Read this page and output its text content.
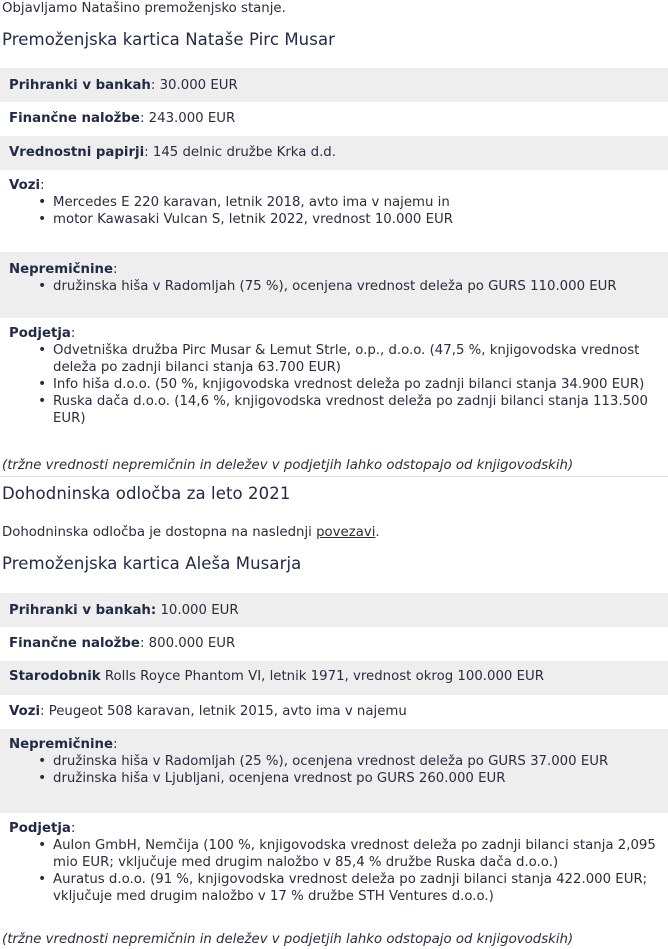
Objavljamo Natašino premoženjsko stanje.
Premoženjska kartica Nataše Pirc Musar
Prihranki v bankah: 30.000 EUR
Finančne naložbe: 243.000 EUR
Vrednostni papirji: 145 delnic družbe Krka d.d.
Vozi:
• Mercedes E 220 karavan, letnik 2018, avto ima v najemu in
• motor Kawasaki Vulcan S, letnik 2022, vrednost 10.000 EUR
Nepremičnine:
• družinska hiša v Radomljah (75 %), ocenjena vrednost deleža po GURS 110.000 EUR
Podjetja:
• Odvetniška družba Pirc Musar & Lemut Strle, o.p., d.o.o. (47,5 %, knjigovodska vrednost deleža po zadnji bilanci stanja 63.700 EUR)
• Info hiša d.o.o. (50 %, knjigovodska vrednost deleža po zadnji bilanci stanja 34.900 EUR)
• Ruska dača d.o.o. (14,6 %, knjigovodska vrednost deleža po zadnji bilanci stanja 113.500 EUR)
(tržne vrednosti nepremičnin in deležev v podjetjih lahko odstopajo od knjigovodskih)
Dohodninska odločba za leto 2021
Dohodninska odločba je dostopna na naslednji povezavi.
Premoženjska kartica Aleša Musarja
Prihranki v bankah: 10.000 EUR
Finančne naložbe: 800.000 EUR
Starodobnik Rolls Royce Phantom VI, letnik 1971, vrednost okrog 100.000 EUR
Vozi: Peugeot 508 karavan, letnik 2015, avto ima v najemu
Nepremičnine:
• družinska hiša v Radomljah (25 %), ocenjena vrednost deleža po GURS 37.000 EUR
• družinska hiša v Ljubljani, ocenjena vrednost po GURS 260.000 EUR
Podjetja:
• Aulon GmbH, Nemčija (100 %, knjigovodska vrednost deleža po zadnji bilanci stanja 2,095 mio EUR; vključuje med drugim naložbo v 85,4 % družbe Ruska dača d.o.o.)
• Auratus d.o.o. (91 %, knjigovodska vrednost deleža po zadnji bilanci stanja 422.000 EUR; vključuje med drugim naložbo v 17 % družbe STH Ventures d.o.o.)
(tržne vrednosti nepremičnin in deležev v podjetjih lahko odstopajo od knjigovodskih)
